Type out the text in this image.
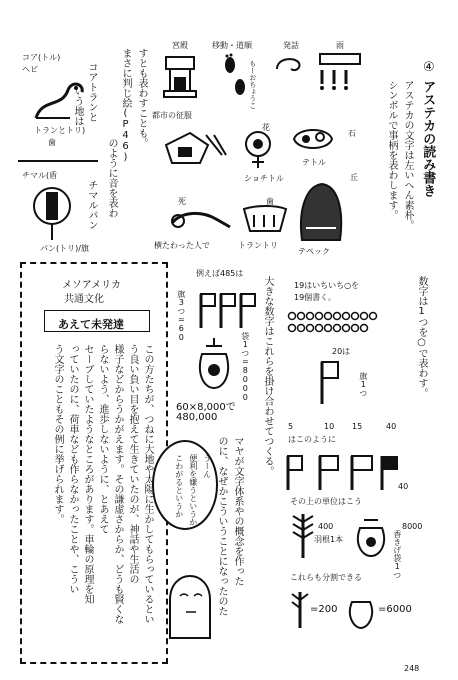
④
アステカの読み書き
アステカの文字は左いへん素朴。
シンボルで事柄を表わします。
宮殿	移動・道順	発話	雨
都市の征服
花
石
もーおちょうこ
ショチトル
テトル
丘
死	歯
横たわった人で	トラントリ
テペック
コア(トル)
ヘビ
トランとトリ)
歯
コアトランと
いう地は	すとも表わすことも。
まさに判じ絵(P46)
のように音を表わ
チマル(盾
チマルパン
パン(トリ)/旗
メソアメリカ
共通文化
あえて未発達
この方たちが、つねに大地や太陽に生かしてもらっているとい
う良い負い目を抱えて生きていたのが、神話や生活の
様子などからうかがえます。その謙虚さからか、どうも賢くな
らないよう、進歩しないように、とあえて
セーブしていたようなところがあります。車輪の原理を知
っていたのに、荷車なども作らなかったことや、こうい
う文字のこともその例に挙げられます。	うーん
便利を嫌うというか
こわがるというか
例えば485は
旗3つ=60
袋1つ=8000
60×8,000で
480,000	大きな数字はこれらを掛け合わせてつくる。
マヤが文字体系やの概念を作った
のに、なぜかこういうことになったのた
19はいちいち○を
19個書く。	数字は1つを○で表わす。
20は
旗1つ
5	10 15	40
はこのように
40
その上の単位はこう
400
羽根1本
8000
香きげ袋1つ
これらも分割できる
=200	=6000
248
